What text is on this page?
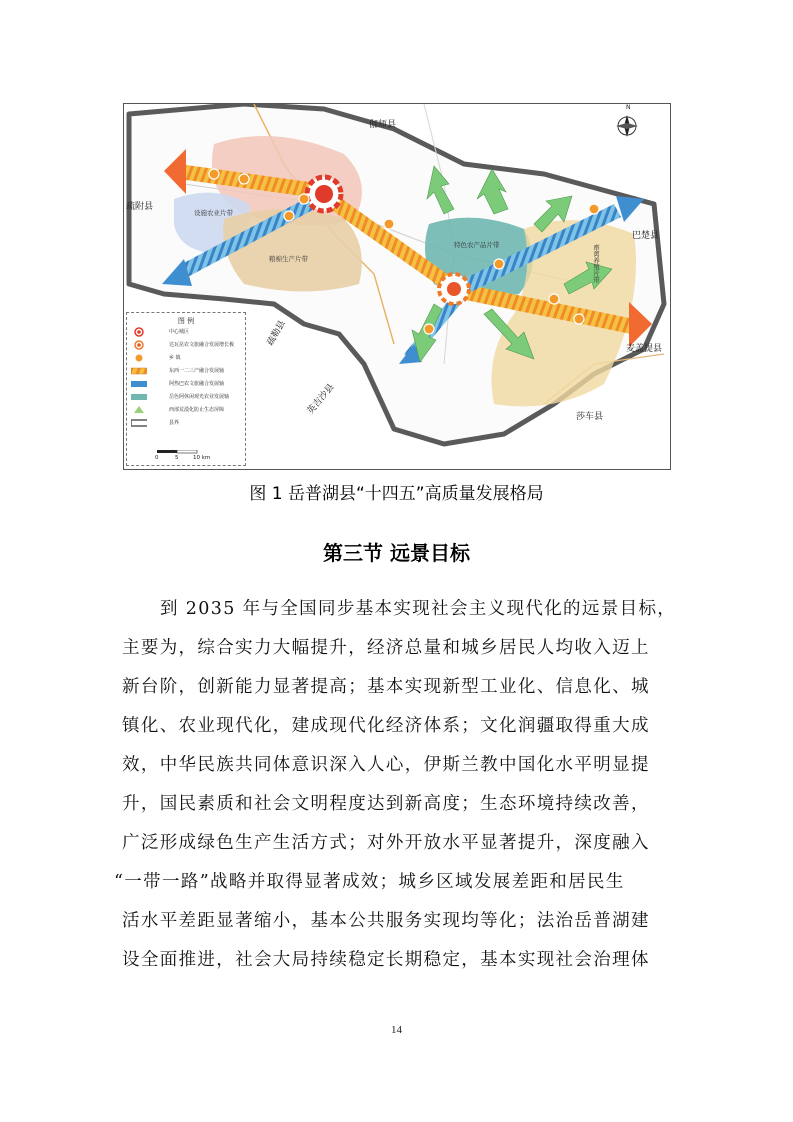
N
伽师县
疏附县
巴楚县
麦盖提县
疏勒县
英吉沙县
莎车县
设施农业片带
粮棉生产片带
特色农产品片带	畜禽养殖片带
图 例
中心城区
达瓦昆农文旅融合发展增长极
乡 镇
东西一二三产融合发展轴
阿热巴农文旅融合发展轴
岳色阿休闲观光农业发展轴
西部荒漠化防止生态屏障
县界
0	5	10 km
图 1 岳普湖县“十四五”高质量发展格局
第三节 远景目标
到 2035 年与全国同步基本实现社会主义现代化的远景目标，
主要为，综合实力大幅提升，经济总量和城乡居民人均收入迈上
新台阶，创新能力显著提高；基本实现新型工业化、信息化、城
镇化、农业现代化，建成现代化经济体系；文化润疆取得重大成
效，中华民族共同体意识深入人心，伊斯兰教中国化水平明显提
升，国民素质和社会文明程度达到新高度；生态环境持续改善，
广泛形成绿色生产生活方式；对外开放水平显著提升，深度融入
“一带一路”战略并取得显著成效；城乡区域发展差距和居民生
活水平差距显著缩小，基本公共服务实现均等化；法治岳普湖建
设全面推进，社会大局持续稳定长期稳定，基本实现社会治理体
14
